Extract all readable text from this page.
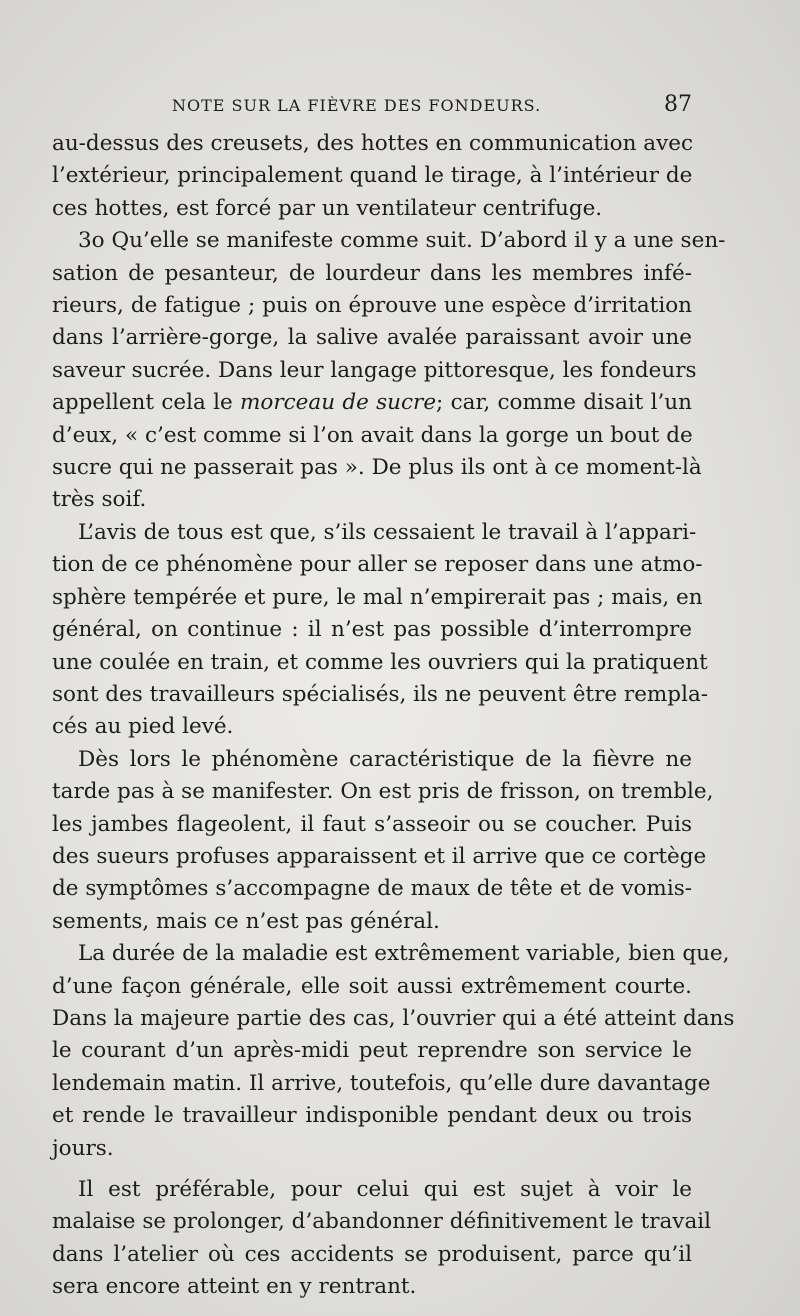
NOTE SUR LA FIÈVRE DES FONDEURS.	87

au-dessus des creusets, des hottes en communication avec
l’extérieur, principalement quand le tirage, à l’intérieur de
ces hottes, est forcé par un ventilateur centrifuge.

3o Qu’elle se manifeste comme suit. D’abord il y a une sen-
sation de pesanteur, de lourdeur dans les membres infé-
rieurs, de fatigue ; puis on éprouve une espèce d’irritation
dans l’arrière-gorge, la salive avalée paraissant avoir une
saveur sucrée. Dans leur langage pittoresque, les fondeurs
appellent cela le morceau de sucre; car, comme disait l’un
d’eux, « c’est comme si l’on avait dans la gorge un bout de
sucre qui ne passerait pas ». De plus ils ont à ce moment-là
très soif.

L’avis de tous est que, s’ils cessaient le travail à l’appari-
tion de ce phénomène pour aller se reposer dans une atmo-
sphère tempérée et pure, le mal n’empirerait pas ; mais, en
général, on continue : il n’est pas possible d’interrompre
une coulée en train, et comme les ouvriers qui la pratiquent
sont des travailleurs spécialisés, ils ne peuvent être rempla-
cés au pied levé.

Dès lors le phénomène caractéristique de la fièvre ne
tarde pas à se manifester. On est pris de frisson, on tremble,
les jambes flageolent, il faut s’asseoir ou se coucher. Puis
des sueurs profuses apparaissent et il arrive que ce cortège
de symptômes s’accompagne de maux de tête et de vomis-
sements, mais ce n’est pas général.

La durée de la maladie est extrêmement variable, bien que,
d’une façon générale, elle soit aussi extrêmement courte.
Dans la majeure partie des cas, l’ouvrier qui a été atteint dans
le courant d’un après-midi peut reprendre son service le
lendemain matin. Il arrive, toutefois, qu’elle dure davantage
et rende le travailleur indisponible pendant deux ou trois
jours.

Il est préférable, pour celui qui est sujet à voir le
malaise se prolonger, d’abandonner définitivement le travail
dans l’atelier où ces accidents se produisent, parce qu’il
sera encore atteint en y rentrant.
